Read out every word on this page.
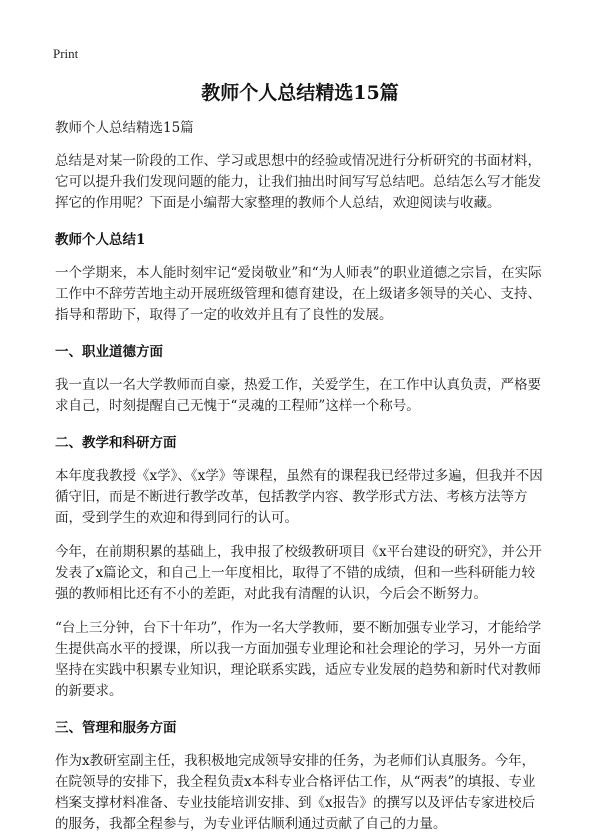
Print
教师个人总结精选15篇

教师个人总结精选15篇

总结是对某一阶段的工作、学习或思想中的经验或情况进行分析研究的书面材料，它可以提升我们发现问题的能力，让我们抽出时间写写总结吧。总结怎么写才能发挥它的作用呢？下面是小编帮大家整理的教师个人总结，欢迎阅读与收藏。

教师个人总结1

一个学期来，本人能时刻牢记“爱岗敬业”和“为人师表”的职业道德之宗旨，在实际工作中不辞劳苦地主动开展班级管理和德育建设，在上级诸多领导的关心、支持、指导和帮助下，取得了一定的收效并且有了良性的发展。

一、职业道德方面

我一直以一名大学教师而自豪，热爱工作，关爱学生，在工作中认真负责，严格要求自己，时刻提醒自己无愧于“灵魂的工程师”这样一个称号。

二、教学和科研方面

本年度我教授《x学》、《x学》等课程，虽然有的课程我已经带过多遍，但我并不因循守旧，而是不断进行教学改革，包括教学内容、教学形式方法、考核方法等方面，受到学生的欢迎和得到同行的认可。

今年，在前期积累的基础上，我申报了校级教研项目《x平台建设的研究》，并公开发表了x篇论文，和自己上一年度相比，取得了不错的成绩，但和一些科研能力较强的教师相比还有不小的差距，对此我有清醒的认识，今后会不断努力。

“台上三分钟，台下十年功”，作为一名大学教师，要不断加强专业学习，才能给学生提供高水平的授课，所以我一方面加强专业理论和社会理论的学习，另外一方面坚持在实践中积累专业知识，理论联系实践，适应专业发展的趋势和新时代对教师的新要求。

三、管理和服务方面

作为x教研室副主任，我积极地完成领导安排的任务，为老师们认真服务。今年，在院领导的安排下，我全程负责x本科专业合格评估工作，从“两表”的填报、专业档案支撑材料准备、专业技能培训安排、到《x报告》的撰写以及评估专家进校后的服务，我都全程参与，为专业评估顺利通过贡献了自己的力量。
